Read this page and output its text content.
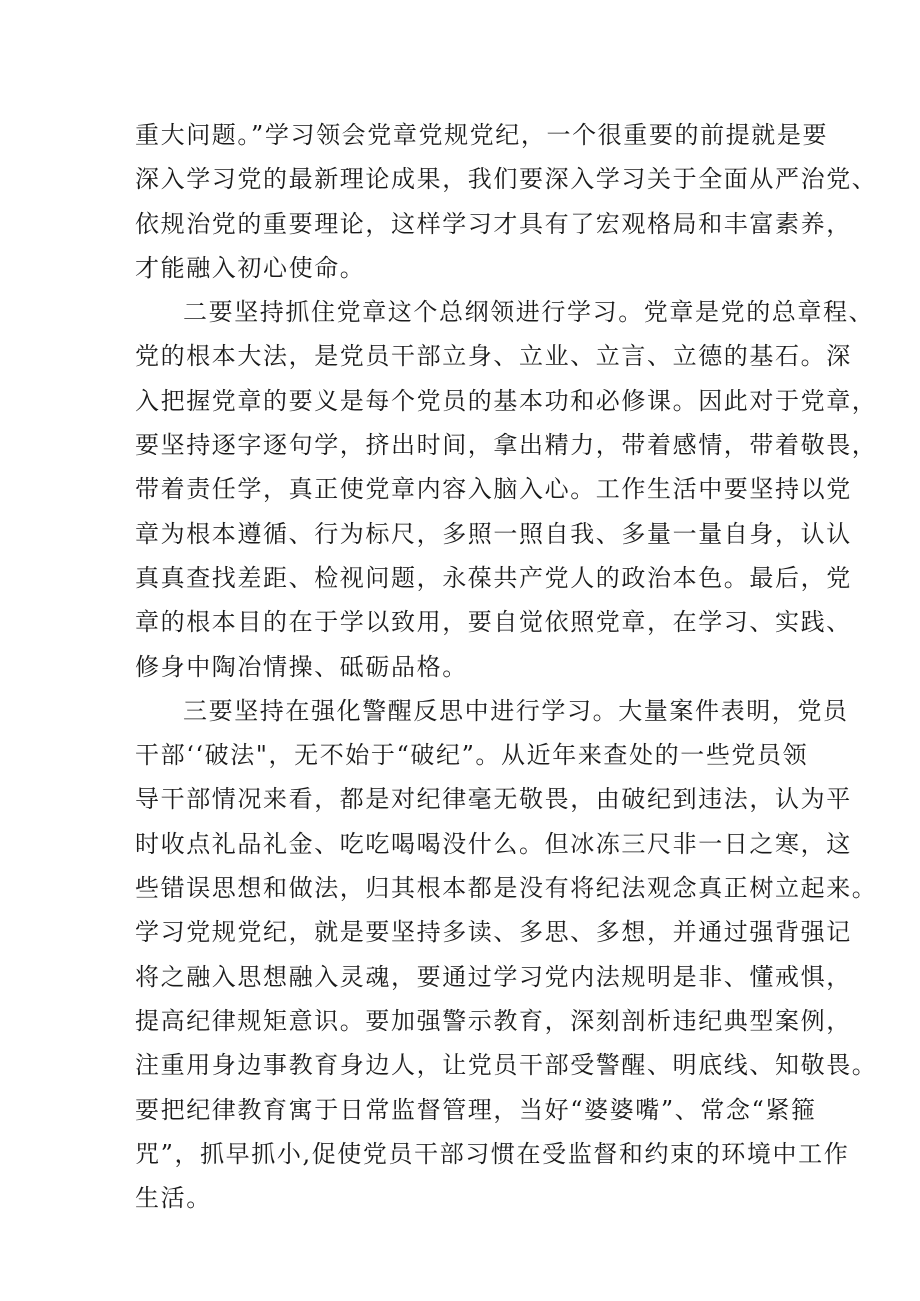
重大问题。”学习领会党章党规党纪，一个很重要的前提就是要
深入学习党的最新理论成果，我们要深入学习关于全面从严治党、
依规治党的重要理论，这样学习才具有了宏观格局和丰富素养，
才能融入初心使命。
二要坚持抓住党章这个总纲领进行学习。党章是党的总章程、
党的根本大法，是党员干部立身、立业、立言、立德的基石。深
入把握党章的要义是每个党员的基本功和必修课。因此对于党章，
要坚持逐字逐句学，挤出时间，拿出精力，带着感情，带着敬畏，
带着责任学，真正使党章内容入脑入心。工作生活中要坚持以党
章为根本遵循、行为标尺，多照一照自我、多量一量自身，认认
真真查找差距、检视问题，永葆共产党人的政治本色。最后，党
章的根本目的在于学以致用，要自觉依照党章，在学习、实践、
修身中陶冶情操、砥砺品格。
三要坚持在强化警醒反思中进行学习。大量案件表明，党员
干部‘‘破法"，无不始于“破纪”。从近年来查处的一些党员领
导干部情况来看，都是对纪律毫无敬畏，由破纪到违法，认为平
时收点礼品礼金、吃吃喝喝没什么。但冰冻三尺非一日之寒，这
些错误思想和做法，归其根本都是没有将纪法观念真正树立起来。
学习党规党纪，就是要坚持多读、多思、多想，并通过强背强记
将之融入思想融入灵魂，要通过学习党内法规明是非、懂戒惧，
提高纪律规矩意识。要加强警示教育，深刻剖析违纪典型案例，
注重用身边事教育身边人，让党员干部受警醒、明底线、知敬畏。
要把纪律教育寓于日常监督管理，当好“婆婆嘴”、常念“紧箍
咒”，抓早抓小,促使党员干部习惯在受监督和约束的环境中工作
生活。
